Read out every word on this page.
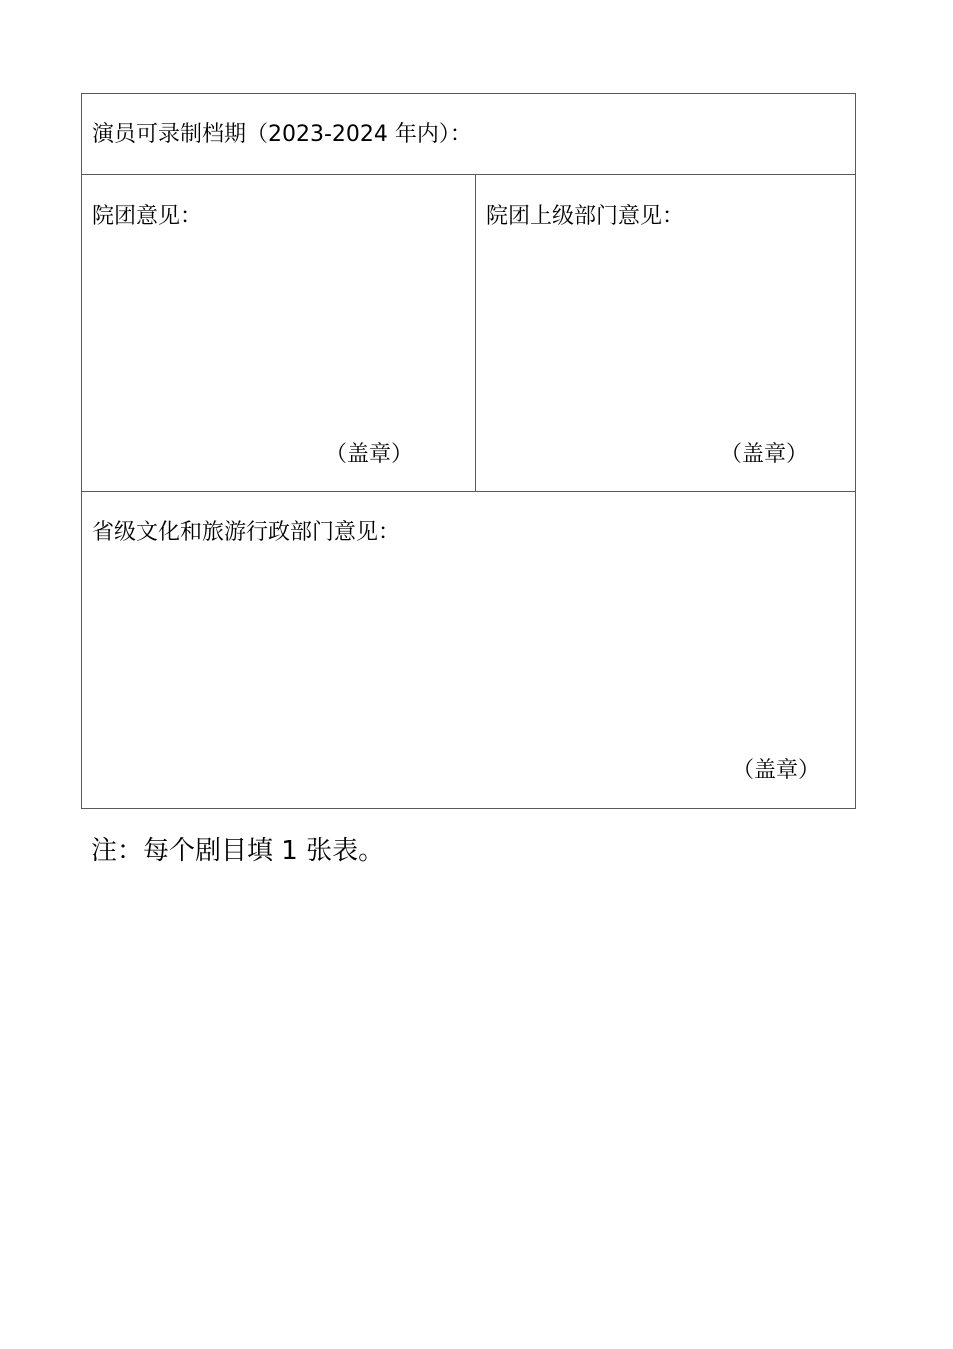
演员可录制档期（2023-2024 年内）：
院团意见：
（盖章）
院团上级部门意见：
（盖章）
省级文化和旅游行政部门意见：
（盖章）
注：每个剧目填 1 张表。
